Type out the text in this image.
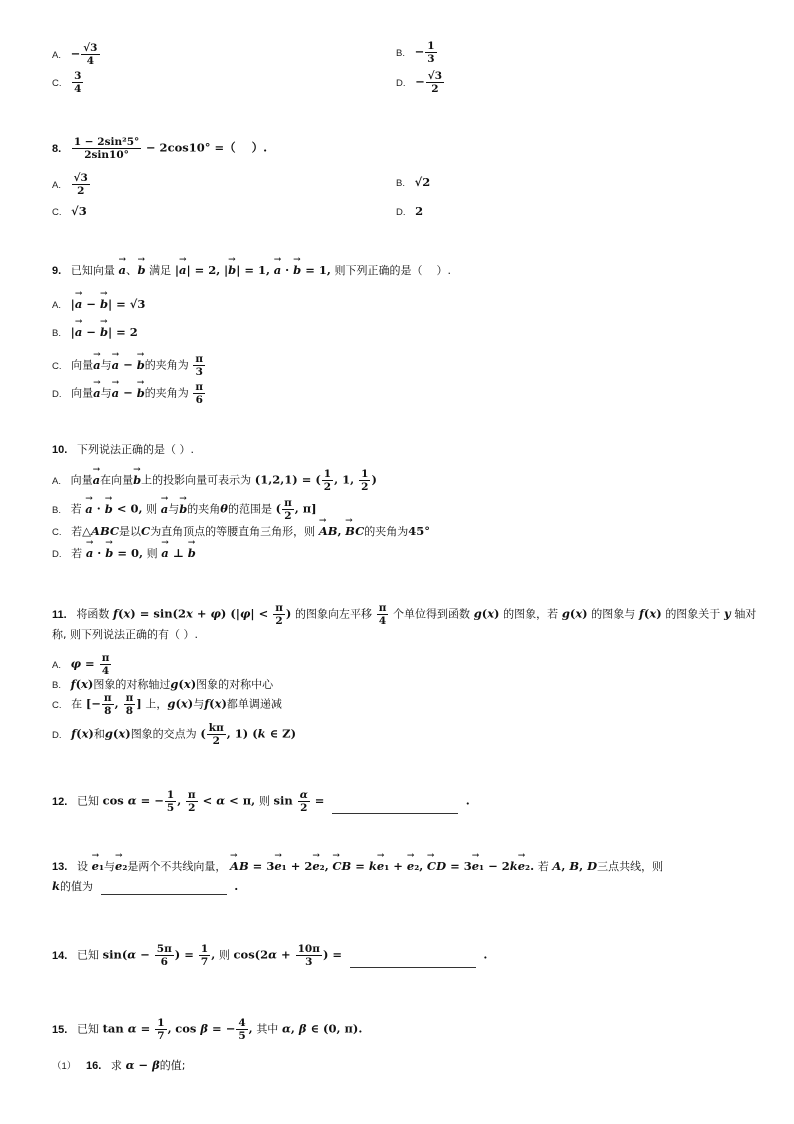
A. − $\frac{√3}{4}$	B. − $\frac{1}{3}$
C. $\frac{3}{4}$	D. − $\frac{√3}{2}$
8. $\frac{\text{1 − 2sin²5°}}{2\sin 10^\circ} - 2\cos 10^\circ$ =（    ）.
A. $\frac{√3}{2}$	B. √2
C. √3	D. 2
9. 已知向量 → a、→ b 满足 |→ a| = 2, |→ b| = 1, → a · → b = 1, 则下列正确的是（    ）.
A. |→ a − → b| = √3
B. |→ a − → b| = 2
C. 向量→ a与→ a − → b的夹角为 $\frac{\pi}{3}$
D. 向量→ a与→ a − → b的夹角为 $\frac{\pi}{6}$
10. 下列说法正确的是（ ）.
A. 向量→ a在向量→ b上的投影向量可表示为 (1,2,1) = ( $\frac{1}{2}$ , 1, $\frac{1}{2}$ )
B. 若 → a · → b < 0, 则 → a与→ b的夹角θ的范围是 ( $\frac{\pi}{2}$ , π]
C. 若△ABC是以C为直角顶点的等腰直角三角形，则 → AB, → BC的夹角为45°
D. 若 → a · → b = 0, 则 → a ⊥ → b
11. 将函数 f(x) = sin(2x + φ) ($|\varphi| < \frac{\pi}{2}$ ) 的图象向左平移 $\frac{\pi}{4}$ 个单位得到函数 g(x) 的图象，若 g(x) 的图象与 f(x) 的图象关于 y 轴对
称, 则下列说法正确的有（ ）.
A. $\varphi = \frac{\pi}{4}$
B. f(x)图象的对称轴过g(x)图象的对称中心
C. 在 [− $\frac{\pi}{8}$ , $\frac{\pi}{8}$ ] 上，g(x)与f(x)都单调递减
D. f(x)和g(x)图象的交点为 ( $\frac{k\pi}{2}$ , 1) (k ∈ Z)
12. 已知 cos α = − $\frac{1}{5}$ , $\frac{\pi}{2} < \alpha < \pi$, 则 $\sin \frac{\alpha}{2}$ =	.
13. 设 → e₁与→ e₂是两个不共线向量， → AB = 3→ e₁ + 2→ e₂, → CB = k→ e₁ + → e₂, → CD = 3→ e₁ − 2k→ e₂. 若 A, B, D三点共线，则
k的值为	.
14. 已知 $\sin(\alpha - \frac{5\pi}{6}$ ) = $\frac{1}{7}$ , 则 $\cos(2\alpha + \frac{10\pi}{3}$ ) =	.
15. 已知 $\tan \alpha = \frac{1}{7}$ , cos β = − $\frac{4}{5}$ , 其中 α, β ∈ (0, π).
（1） 16. 求 α − β的值;
